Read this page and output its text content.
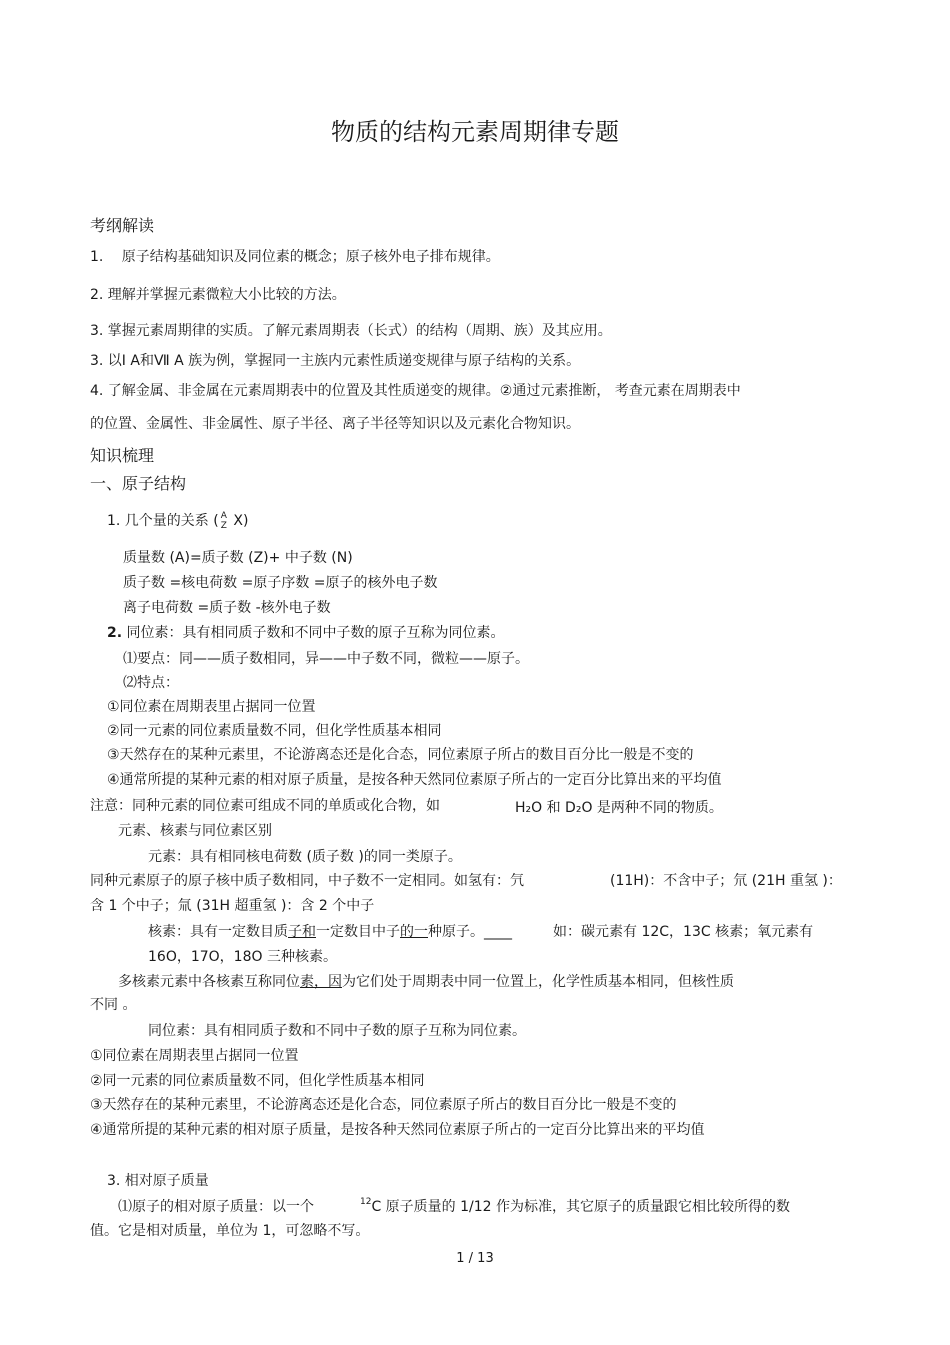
物质的结构元素周期律专题
考纲解读
1.　 原子结构基础知识及同位素的概念；原子核外电子排布规律。
2. 理解并掌握元素微粒大小比较的方法。
3. 掌握元素周期律的实质。了解元素周期表（长式）的结构（周期、族）及其应用。
3. 以Ⅰ A和Ⅶ A 族为例，掌握同一主族内元素性质递变规律与原子结构的关系。
4. 了解金属、非金属在元素周期表中的位置及其性质递变的规律。②通过元素推断， 考查元素在周期表中
的位置、金属性、非金属性、原子半径、离子半径等知识以及元素化合物知识。
知识梳理
一、原子结构
1. 几个量的关系 ( A
Z X)
质量数 (A)=质子数 (Z)+ 中子数 (N)
质子数 =核电荷数 =原子序数 =原子的核外电子数
离子电荷数 =质子数 -核外电子数
2. 同位素：具有相同质子数和不同中子数的原子互称为同位素。
⑴要点：同——质子数相同，异——中子数不同，微粒——原子。
⑵特点：
①同位素在周期表里占据同一位置
②同一元素的同位素质量数不同，但化学性质基本相同
③天然存在的某种元素里，不论游离态还是化合态，同位素原子所占的数目百分比一般是不变的
④通常所提的某种元素的相对原子质量，是按各种天然同位素原子所占的一定百分比算出来的平均值
注意：同种元素的同位素可组成不同的单质或化合物，如	H₂O 和 D₂O 是两种不同的物质。
元素、核素与同位素区别
元素：具有相同核电荷数 (质子数 )的同一类原子。
同种元素原子的原子核中质子数相同，中子数不一定相同。如氢有：氕	(11H)：不含中子；氘 (21H 重氢 )：
含 1 个中子；氚 (31H 超重氢 )：含 2 个中子
核素：具有一定数目质子和一定数目中子的一种原子。____	如：碳元素有 12C，13C 核素；氧元素有
16O，17O，18O 三种核素。
多核素元素中各核素互称同位素，因为它们处于周期表中同一位置上，化学性质基本相同，但核性质
不同 。
同位素：具有相同质子数和不同中子数的原子互称为同位素。
①同位素在周期表里占据同一位置
②同一元素的同位素质量数不同，但化学性质基本相同
③天然存在的某种元素里，不论游离态还是化合态，同位素原子所占的数目百分比一般是不变的
④通常所提的某种元素的相对原子质量，是按各种天然同位素原子所占的一定百分比算出来的平均值
3. 相对原子质量
⑴原子的相对原子质量：以一个	$^{12}$C 原子质量的 1/12 作为标准，其它原子的质量跟它相比较所得的数
值。它是相对质量，单位为 1，可忽略不写。
1 / 13
